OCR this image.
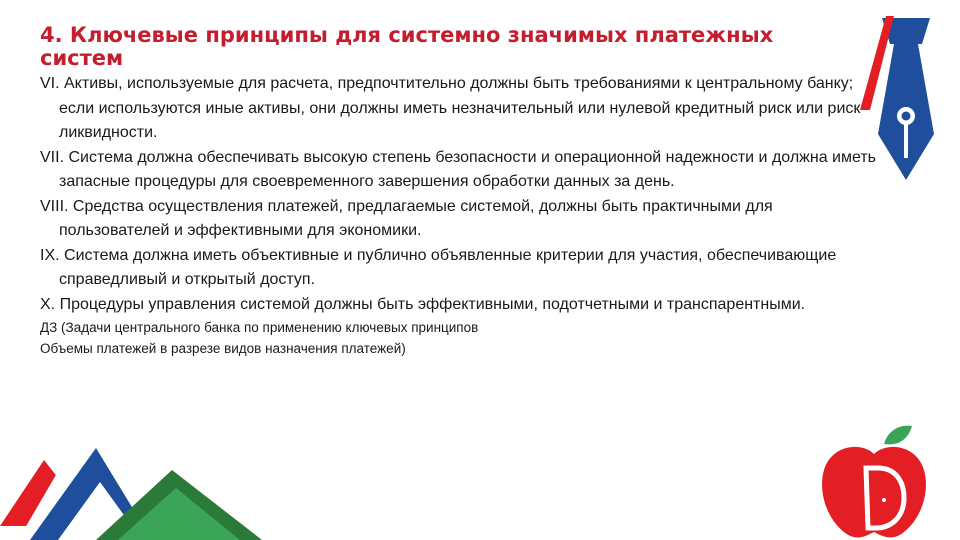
4. Ключевые принципы для системно значимых платежных систем

VI. Активы, используемые для расчета, предпочтительно должны быть требованиями к центральному банку; если используются иные активы, они должны иметь незначительный или нулевой кредитный риск или риск ликвидности.

VII. Система должна обеспечивать высокую степень безопасности и операционной надежности и должна иметь запасные процедуры для своевременного завершения обработки данных за день.

VIII. Средства осуществления платежей, предлагаемые системой, должны быть практичными для пользователей и эффективными для экономики.

IX. Система должна иметь объективные и публично объявленные критерии для участия, обеспечивающие справедливый и открытый доступ.

X. Процедуры управления системой должны быть эффективными, подотчетными и транспарентными.

ДЗ (Задачи центрального банка по применению ключевых принципов

Объемы платежей в разрезе видов назначения платежей)
